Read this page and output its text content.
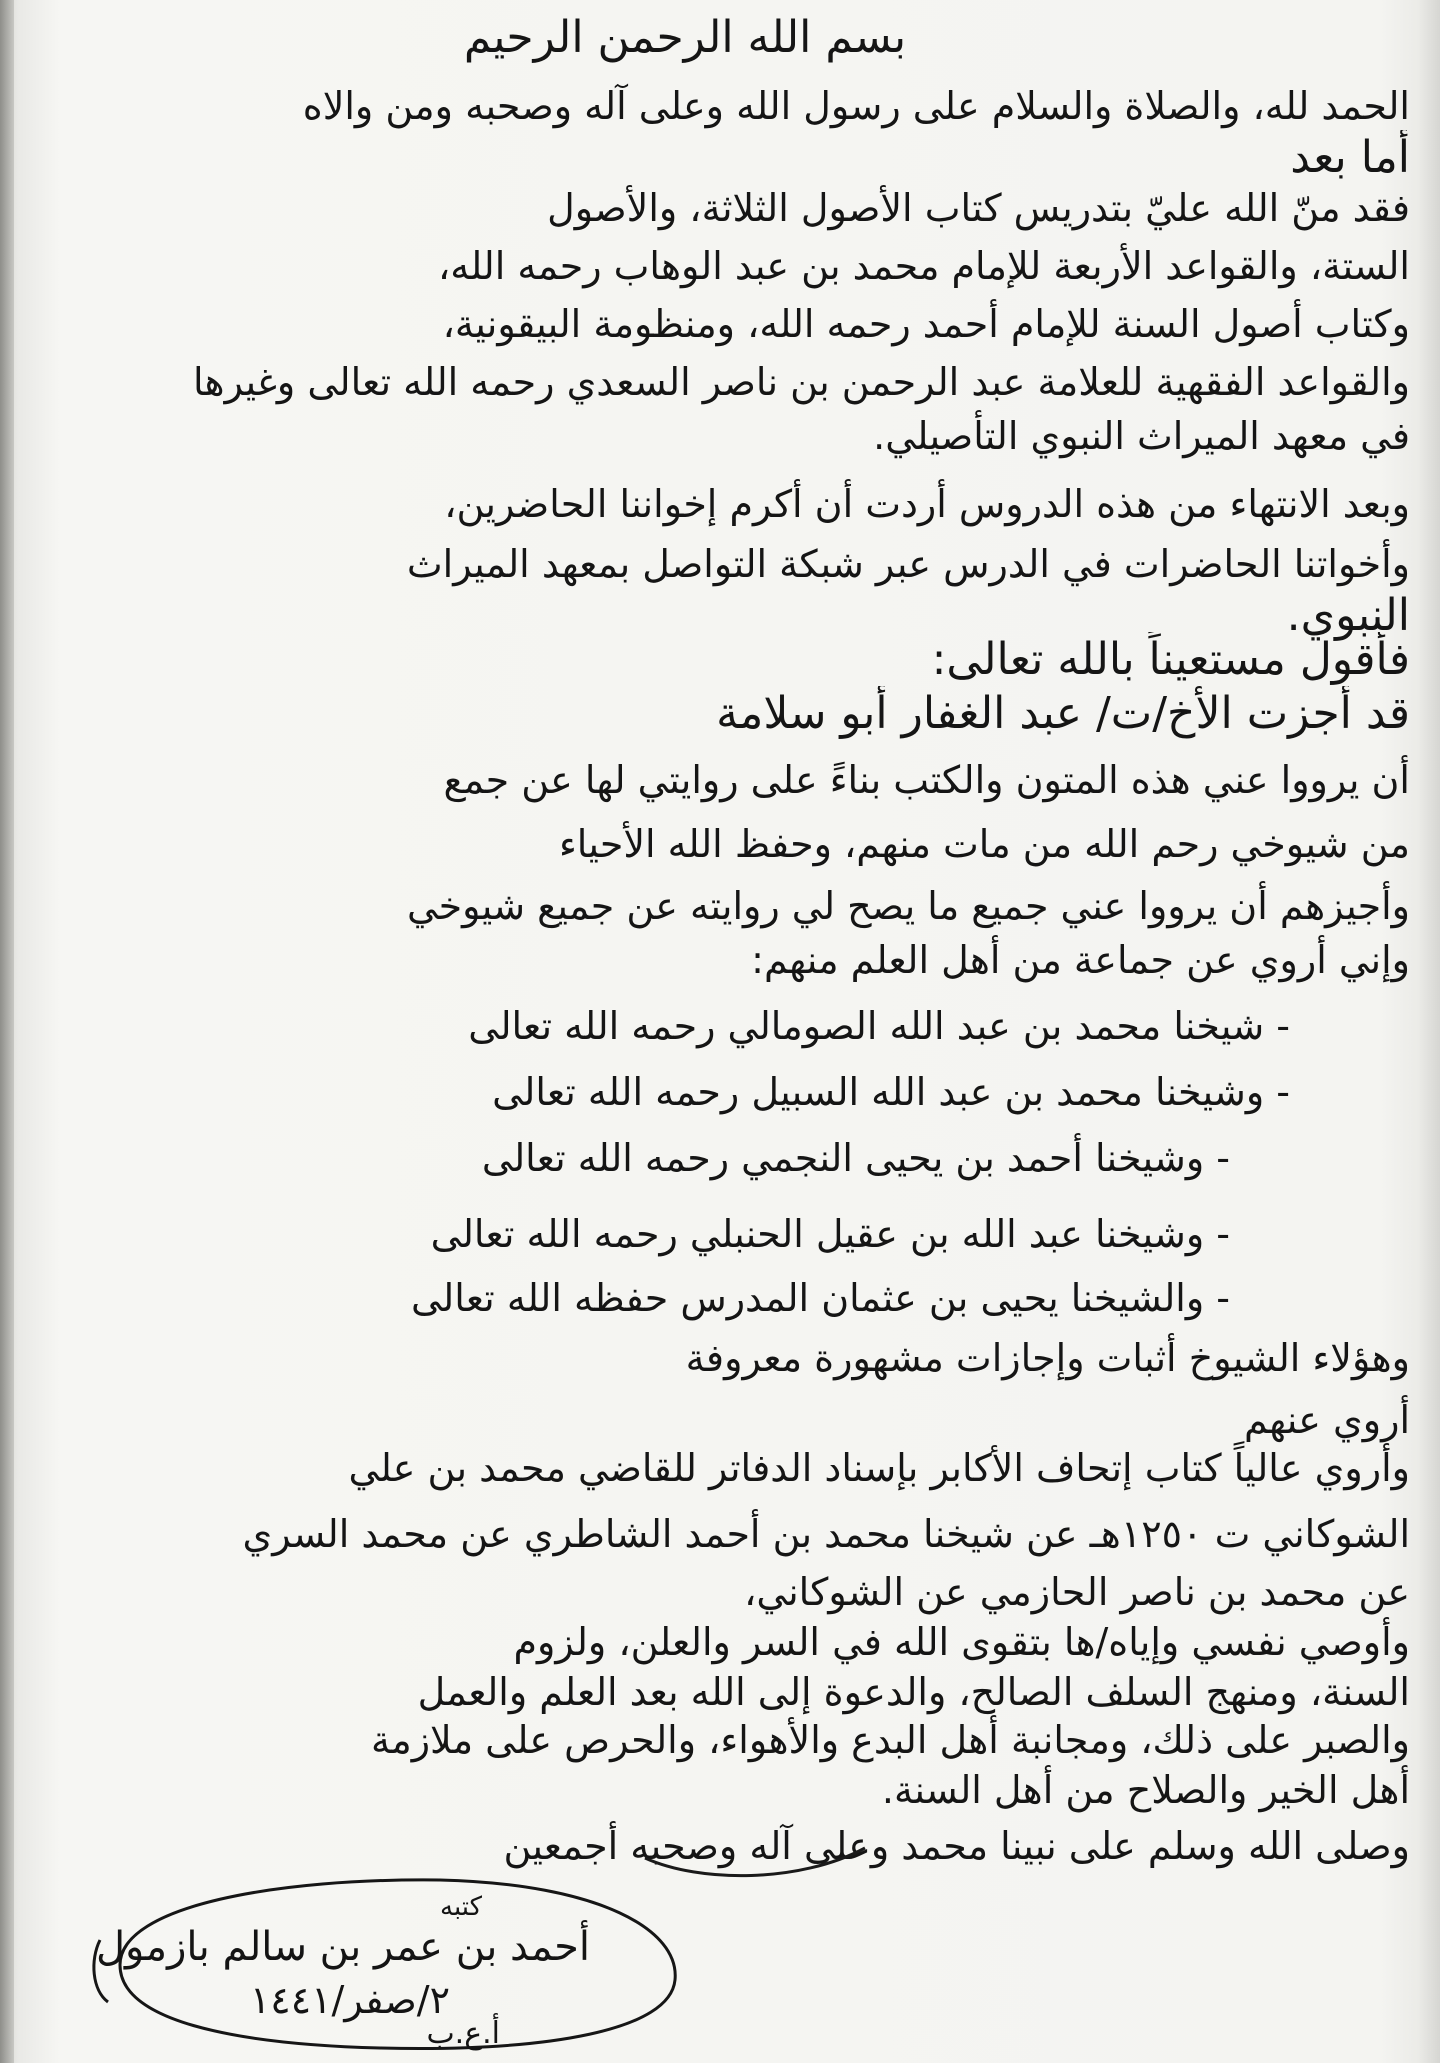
بسم الله الرحمن الرحيم
الحمد لله، والصلاة والسلام على رسول الله وعلى آله وصحبه ومن والاه
أما بعد
فقد منّ الله عليّ بتدريس كتاب الأصول الثلاثة، والأصول
الستة، والقواعد الأربعة للإمام محمد بن عبد الوهاب رحمه الله،
وكتاب أصول السنة للإمام أحمد رحمه الله، ومنظومة البيقونية،
والقواعد الفقهية للعلامة عبد الرحمن بن ناصر السعدي رحمه الله تعالى وغيرها
في معهد الميراث النبوي التأصيلي.
وبعد الانتهاء من هذه الدروس أردت أن أكرم إخواننا الحاضرين،
وأخواتنا الحاضرات في الدرس عبر شبكة التواصل بمعهد الميراث
النبوي.
فأقول مستعيناً بالله تعالى:
قد أجزت الأخ/ت/ عبد الغفار أبو سلامة
أن يرووا عني هذه المتون والكتب بناءً على روايتي لها عن جمع
من شيوخي رحم الله من مات منهم، وحفظ الله الأحياء
وأجيزهم أن يرووا عني جميع ما يصح لي روايته عن جميع شيوخي
وإني أروي عن جماعة من أهل العلم منهم:
- شيخنا محمد بن عبد الله الصومالي رحمه الله تعالى
- وشيخنا محمد بن عبد الله السبيل رحمه الله تعالى
- وشيخنا أحمد بن يحيى النجمي رحمه الله تعالى
- وشيخنا عبد الله بن عقيل الحنبلي رحمه الله تعالى
- والشيخنا يحيى بن عثمان المدرس حفظه الله تعالى
وهؤلاء الشيوخ أثبات وإجازات مشهورة معروفة
أروي عنهم
وأروي عالياً كتاب إتحاف الأكابر بإسناد الدفاتر للقاضي محمد بن علي
الشوكاني ت ١٢٥٠هـ عن شيخنا محمد بن أحمد الشاطري عن محمد السري
عن محمد بن ناصر الحازمي عن الشوكاني،
وأوصي نفسي وإياه/ها بتقوى الله في السر والعلن، ولزوم
السنة، ومنهج السلف الصالح، والدعوة إلى الله بعد العلم والعمل
والصبر على ذلك، ومجانبة أهل البدع والأهواء، والحرص على ملازمة
أهل الخير والصلاح من أهل السنة.
وصلى الله وسلم على نبينا محمد وعلى آله وصحبه أجمعين
كتبه
أحمد بن عمر بن سالم بازمول
٢/صفر/١٤٤١
أ.ع.ب
